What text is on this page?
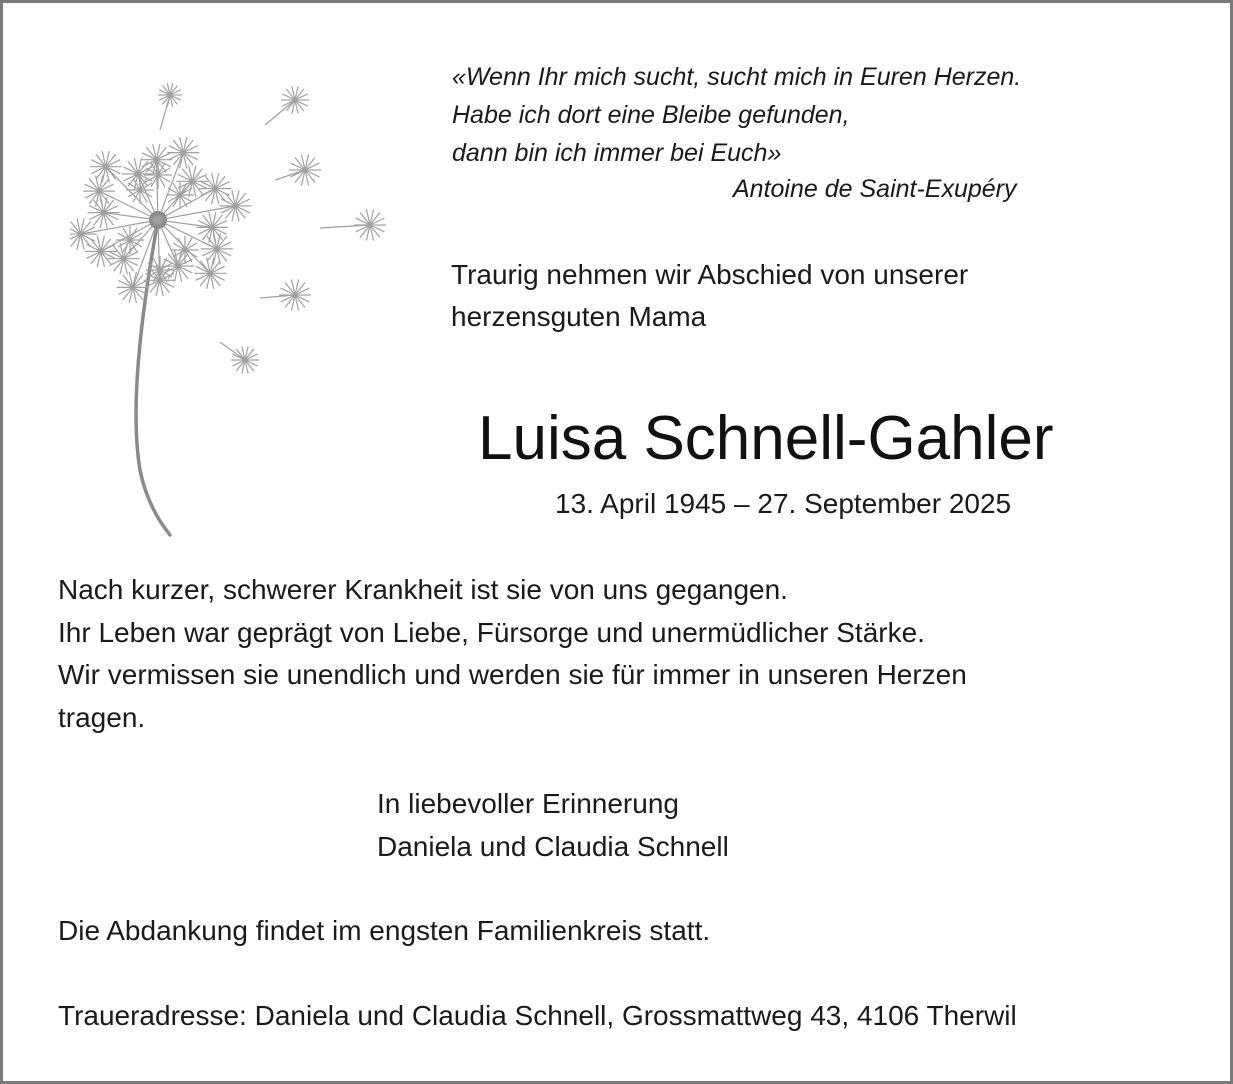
«Wenn Ihr mich sucht, sucht mich in Euren Herzen.
Habe ich dort eine Bleibe gefunden,
dann bin ich immer bei Euch»
Antoine de Saint-Exupéry
Traurig nehmen wir Abschied von unserer
herzensguten Mama
Luisa Schnell-Gahler
13. April 1945 – 27. September 2025
Nach kurzer, schwerer Krankheit ist sie von uns gegangen.
Ihr Leben war geprägt von Liebe, Fürsorge und unermüdlicher Stärke.
Wir vermissen sie unendlich und werden sie für immer in unseren Herzen
tragen.
In liebevoller Erinnerung
Daniela und Claudia Schnell
Die Abdankung findet im engsten Familienkreis statt.
Traueradresse: Daniela und Claudia Schnell, Grossmattweg 43, 4106 Therwil
